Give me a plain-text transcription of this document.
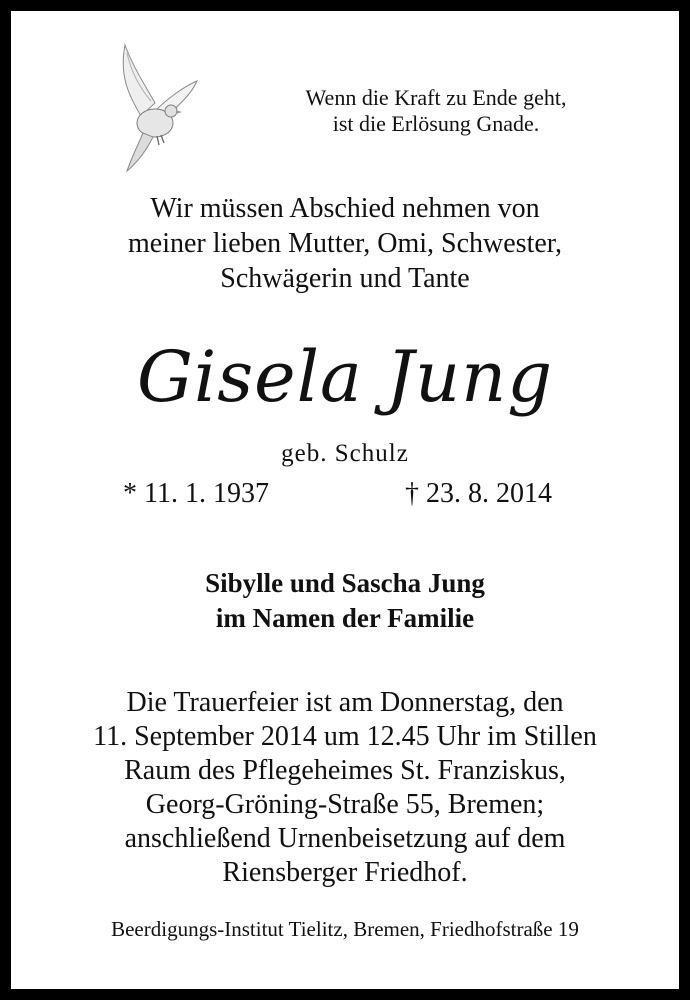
Wenn die Kraft zu Ende geht,
ist die Erlösung Gnade.
Wir müssen Abschied nehmen von
meiner lieben Mutter, Omi, Schwester,
Schwägerin und Tante
Gisela Jung
geb. Schulz
* 11. 1. 1937	† 23. 8. 2014
Sibylle und Sascha Jung
im Namen der Familie
Die Trauerfeier ist am Donnerstag, den
11. September 2014 um 12.45 Uhr im Stillen
Raum des Pflegeheimes St. Franziskus,
Georg-Gröning-Straße 55, Bremen;
anschließend Urnenbeisetzung auf dem
Riensberger Friedhof.
Beerdigungs-Institut Tielitz, Bremen, Friedhofstraße 19
